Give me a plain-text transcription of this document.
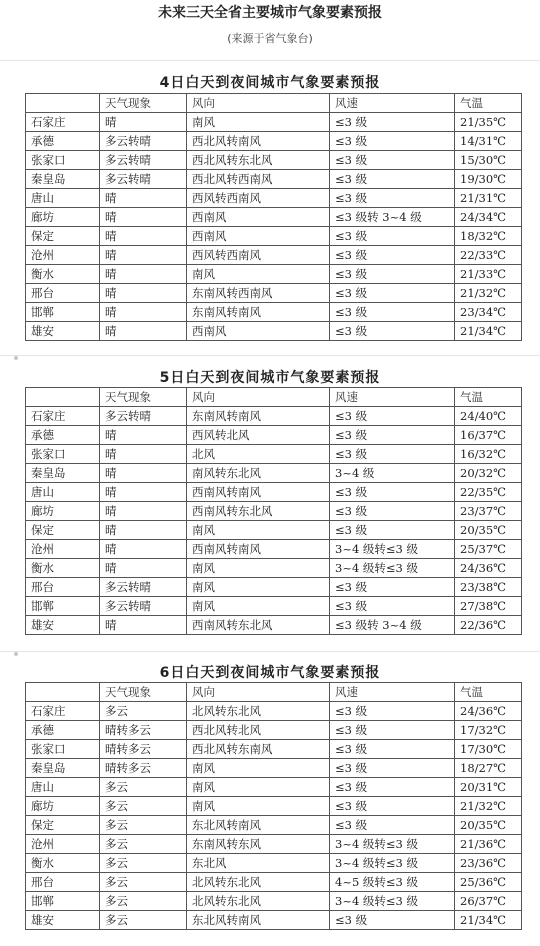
未来三天全省主要城市气象要素预报
(来源于省气象台)
4日白天到夜间城市气象要素预报
	天气现象	风向	风速	气温
石家庄	晴	南风	≤3 级	21/35℃
承德	多云转晴	西北风转南风	≤3 级	14/31℃
张家口	多云转晴	西北风转东北风	≤3 级	15/30℃
秦皇岛	多云转晴	西北风转西南风	≤3 级	19/30℃
唐山	晴	西风转西南风	≤3 级	21/31℃
廊坊	晴	西南风	≤3 级转 3~4 级	24/34℃
保定	晴	西南风	≤3 级	18/32℃
沧州	晴	西风转西南风	≤3 级	22/33℃
衡水	晴	南风	≤3 级	21/33℃
邢台	晴	东南风转西南风	≤3 级	21/32℃
邯郸	晴	东南风转南风	≤3 级	23/34℃
雄安	晴	西南风	≤3 级	21/34℃
5日白天到夜间城市气象要素预报
	天气现象	风向	风速	气温
石家庄	多云转晴	东南风转南风	≤3 级	24/40℃
承德	晴	西风转北风	≤3 级	16/37℃
张家口	晴	北风	≤3 级	16/32℃
秦皇岛	晴	南风转东北风	3~4 级	20/32℃
唐山	晴	西南风转南风	≤3 级	22/35℃
廊坊	晴	西南风转东北风	≤3 级	23/37℃
保定	晴	南风	≤3 级	20/35℃
沧州	晴	西南风转南风	3~4 级转≤3 级	25/37℃
衡水	晴	南风	3~4 级转≤3 级	24/36℃
邢台	多云转晴	南风	≤3 级	23/38℃
邯郸	多云转晴	南风	≤3 级	27/38℃
雄安	晴	西南风转东北风	≤3 级转 3~4 级	22/36℃
6日白天到夜间城市气象要素预报
	天气现象	风向	风速	气温
石家庄	多云	北风转东北风	≤3 级	24/36℃
承德	晴转多云	西北风转北风	≤3 级	17/32℃
张家口	晴转多云	西北风转东南风	≤3 级	17/30℃
秦皇岛	晴转多云	南风	≤3 级	18/27℃
唐山	多云	南风	≤3 级	20/31℃
廊坊	多云	南风	≤3 级	21/32℃
保定	多云	东北风转南风	≤3 级	20/35℃
沧州	多云	东南风转东风	3~4 级转≤3 级	21/36℃
衡水	多云	东北风	3~4 级转≤3 级	23/36℃
邢台	多云	北风转东北风	4~5 级转≤3 级	25/36℃
邯郸	多云	北风转东北风	3~4 级转≤3 级	26/37℃
雄安	多云	东北风转南风	≤3 级	21/34℃
